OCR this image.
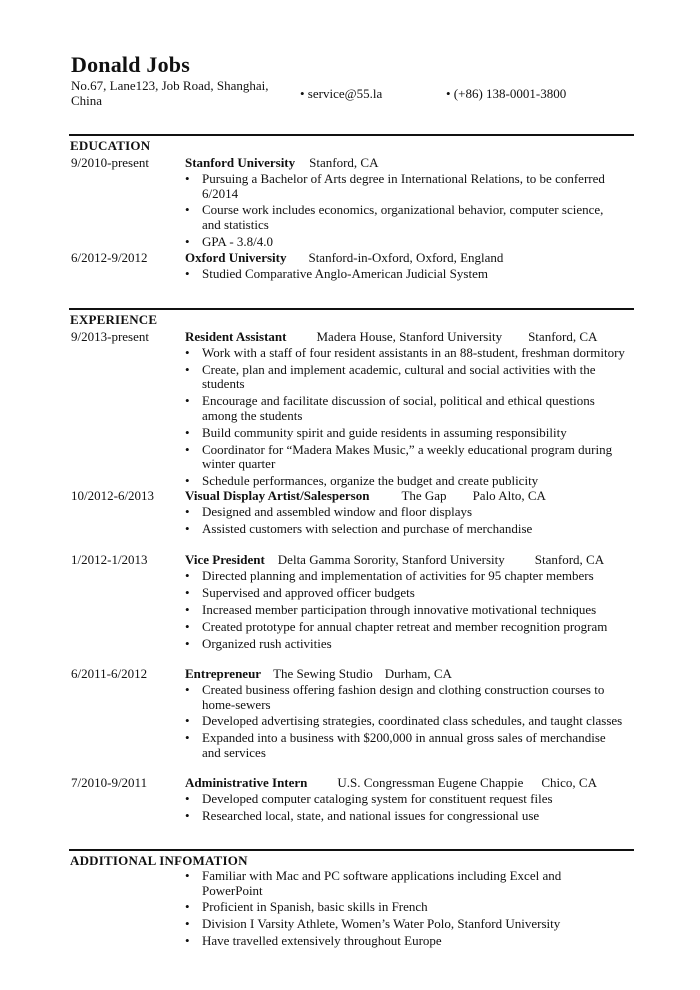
Donald Jobs
No.67, Lane123, Job Road, Shanghai, China	• service@55.la	• (+86) 138-0001-3800
EDUCATION
9/2010-present	Stanford University Stanford, CA
• Pursuing a Bachelor of Arts degree in International Relations, to be conferred 6/2014
• Course work includes economics, organizational behavior, computer science, and statistics
• GPA - 3.8/4.0
6/2012-9/2012	Oxford University Stanford-in-Oxford, Oxford, England
• Studied Comparative Anglo-American Judicial System
EXPERIENCE
9/2013-present	Resident Assistant Madera House, Stanford University Stanford, CA
• Work with a staff of four resident assistants in an 88-student, freshman dormitory
• Create, plan and implement academic, cultural and social activities with the students
• Encourage and facilitate discussion of social, political and ethical questions among the students
• Build community spirit and guide residents in assuming responsibility
• Coordinator for “Madera Makes Music,” a weekly educational program during winter quarter
• Schedule performances, organize the budget and create publicity
10/2012-6/2013 Visual Display Artist/Salesperson The Gap Palo Alto, CA
• Designed and assembled window and floor displays
• Assisted customers with selection and purchase of merchandise
1/2012-1/2013	Vice President Delta Gamma Sorority, Stanford University Stanford, CA
• Directed planning and implementation of activities for 95 chapter members
• Supervised and approved officer budgets
• Increased member participation through innovative motivational techniques
• Created prototype for annual chapter retreat and member recognition program
• Organized rush activities
6/2011-6/2012	Entrepreneur The Sewing Studio Durham, CA
• Created business offering fashion design and clothing construction courses to home-sewers
• Developed advertising strategies, coordinated class schedules, and taught classes
• Expanded into a business with $200,000 in annual gross sales of merchandise and services
7/2010-9/2011	Administrative Intern U.S. Congressman Eugene Chappie Chico, CA
• Developed computer cataloging system for constituent request files
• Researched local, state, and national issues for congressional use
ADDITIONAL INFOMATION
• Familiar with Mac and PC software applications including Excel and PowerPoint
• Proficient in Spanish, basic skills in French
• Division I Varsity Athlete, Women’s Water Polo, Stanford University
• Have travelled extensively throughout Europe
